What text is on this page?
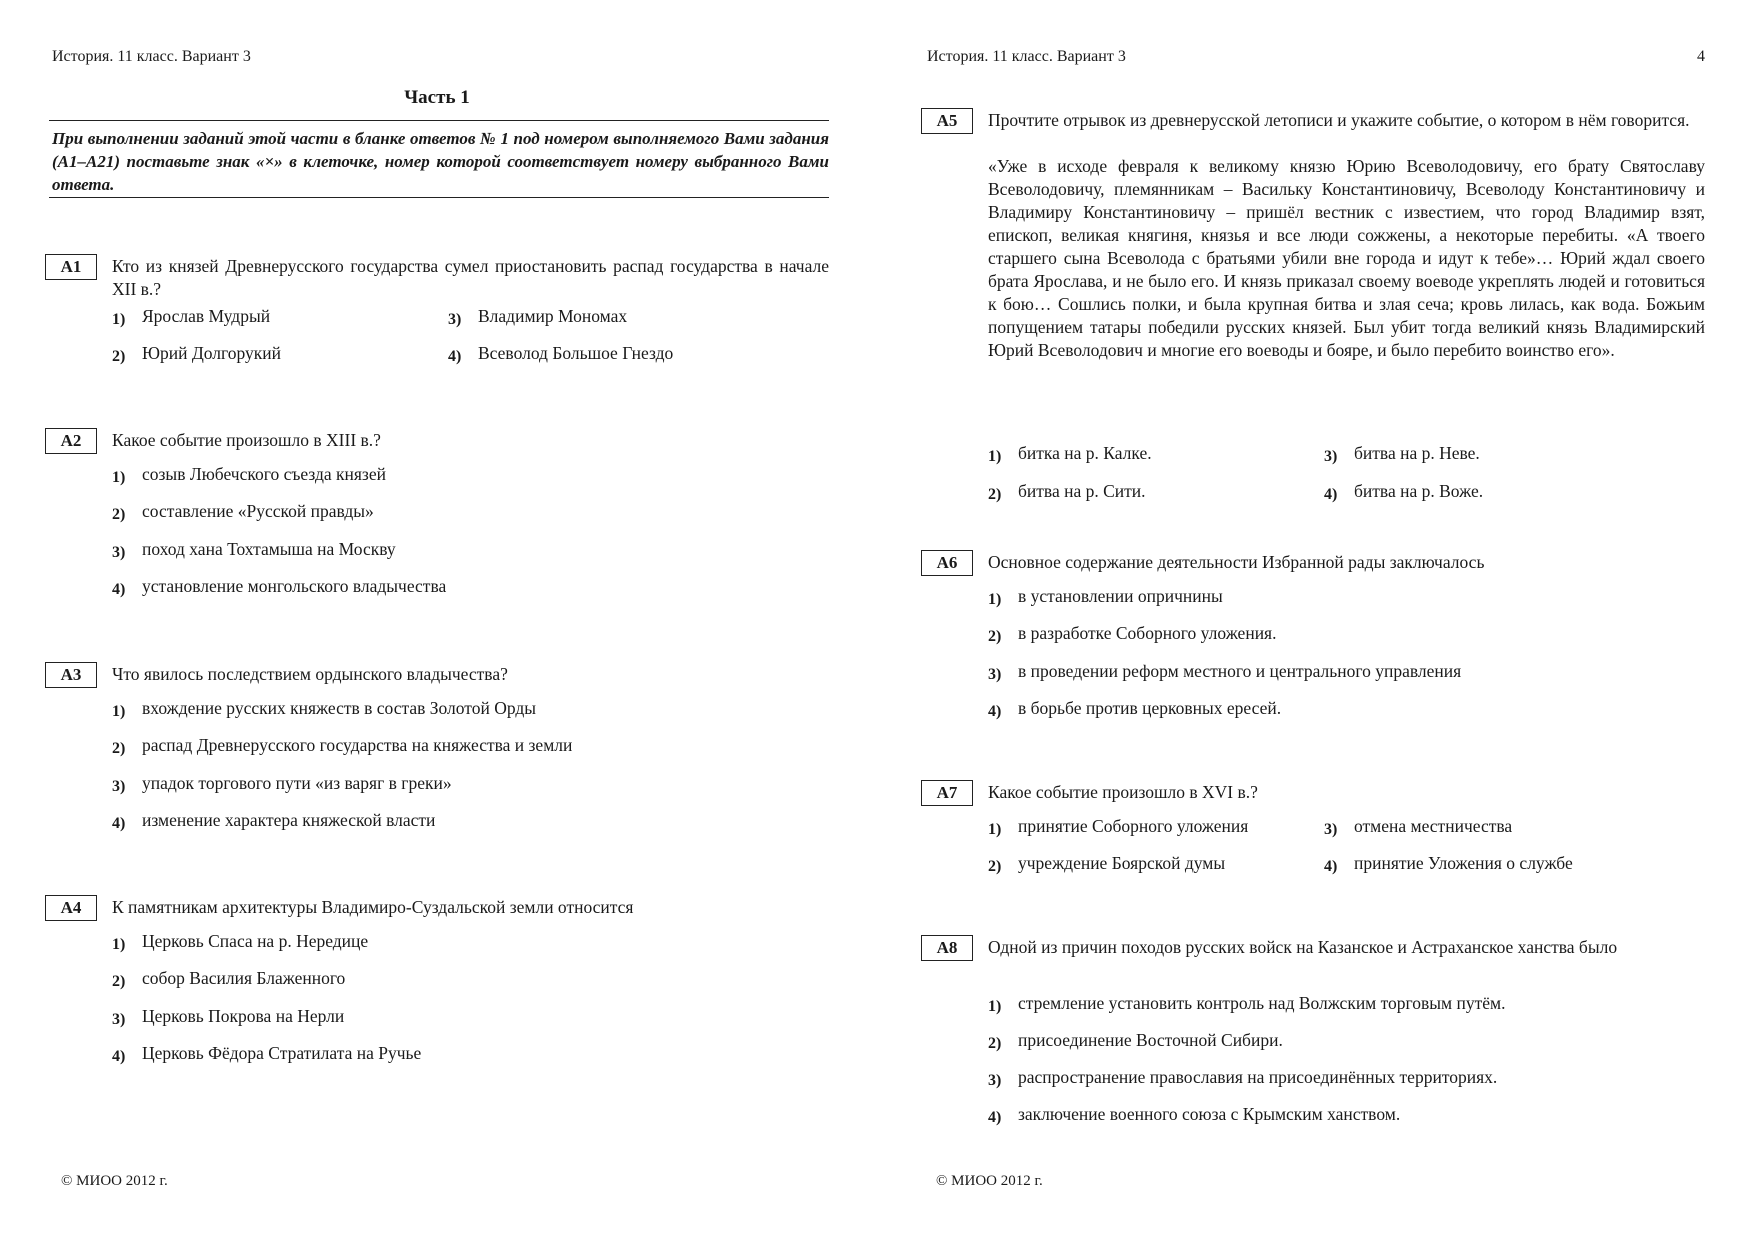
История. 11 класс. Вариант 3
Часть 1
При выполнении заданий этой части в бланке ответов № 1 под номером выполняемого Вами задания (А1–А21) поставьте знак «×» в клеточке, номер которой соответствует номеру выбранного Вами ответа.
А1	Кто из князей Древнерусского государства сумел приостановить распад государства в начале XII в.?
1) Ярослав Мудрый
2) Юрий Долгорукий
3) Владимир Мономах
4) Всеволод Большое Гнездо
А2	Какое событие произошло в XIII в.?
1) созыв Любечского съезда князей
2) составление «Русской правды»
3) поход хана Тохтамыша на Москву
4) установление монгольского владычества
А3	Что явилось последствием ордынского владычества?
1) вхождение русских княжеств в состав Золотой Орды
2) распад Древнерусского государства на княжества и земли
3) упадок торгового пути «из варяг в греки»
4) изменение характера княжеской власти
А4	К памятникам архитектуры Владимиро-Суздальской земли относится
1) Церковь Спаса на р. Нередице
2) собор Василия Блаженного
3) Церковь Покрова на Нерли
4) Церковь Фёдора Стратилата на Ручье
© МИОО 2012 г.
История. 11 класс. Вариант 3	4
А5	Прочтите отрывок из древнерусской летописи и укажите событие, о котором в нём говорится.
«Уже в исходе февраля к великому князю Юрию Всеволодовичу, его брату Святославу Всеволодовичу, племянникам – Васильку Константиновичу, Всеволоду Константиновичу и Владимиру Константиновичу – пришёл вестник с известием, что город Владимир взят, епископ, великая княгиня, князья и все люди сожжены, а некоторые перебиты. «А твоего старшего сына Всеволода с братьями убили вне города и идут к тебе»… Юрий ждал своего брата Ярослава, и не было его. И князь приказал своему воеводе укреплять людей и готовиться к бою… Сошлись полки, и была крупная битва и злая сеча; кровь лилась, как вода. Божьим попущением татары победили русских князей. Был убит тогда великий князь Владимирский Юрий Всеволодович и многие его воеводы и бояре, и было перебито воинство его».
1) битка на р. Калке.
2) битва на р. Сити.
3) битва на р. Неве.
4) битва на р. Воже.
А6	Основное содержание деятельности Избранной рады заключалось
1) в установлении опричнины
2) в разработке Соборного уложения.
3) в проведении реформ местного и центрального управления
4) в борьбе против церковных ересей.
А7	Какое событие произошло в XVI в.?
1) принятие Соборного уложения
2) учреждение Боярской думы
3) отмена местничества
4) принятие Уложения о службе
А8	Одной из причин походов русских войск на Казанское и Астраханское ханства было
1) стремление установить контроль над Волжским торговым путём.
2) присоединение Восточной Сибири.
3) распространение православия на присоединённых территориях.
4) заключение военного союза с Крымским ханством.
© МИОО 2012 г.
